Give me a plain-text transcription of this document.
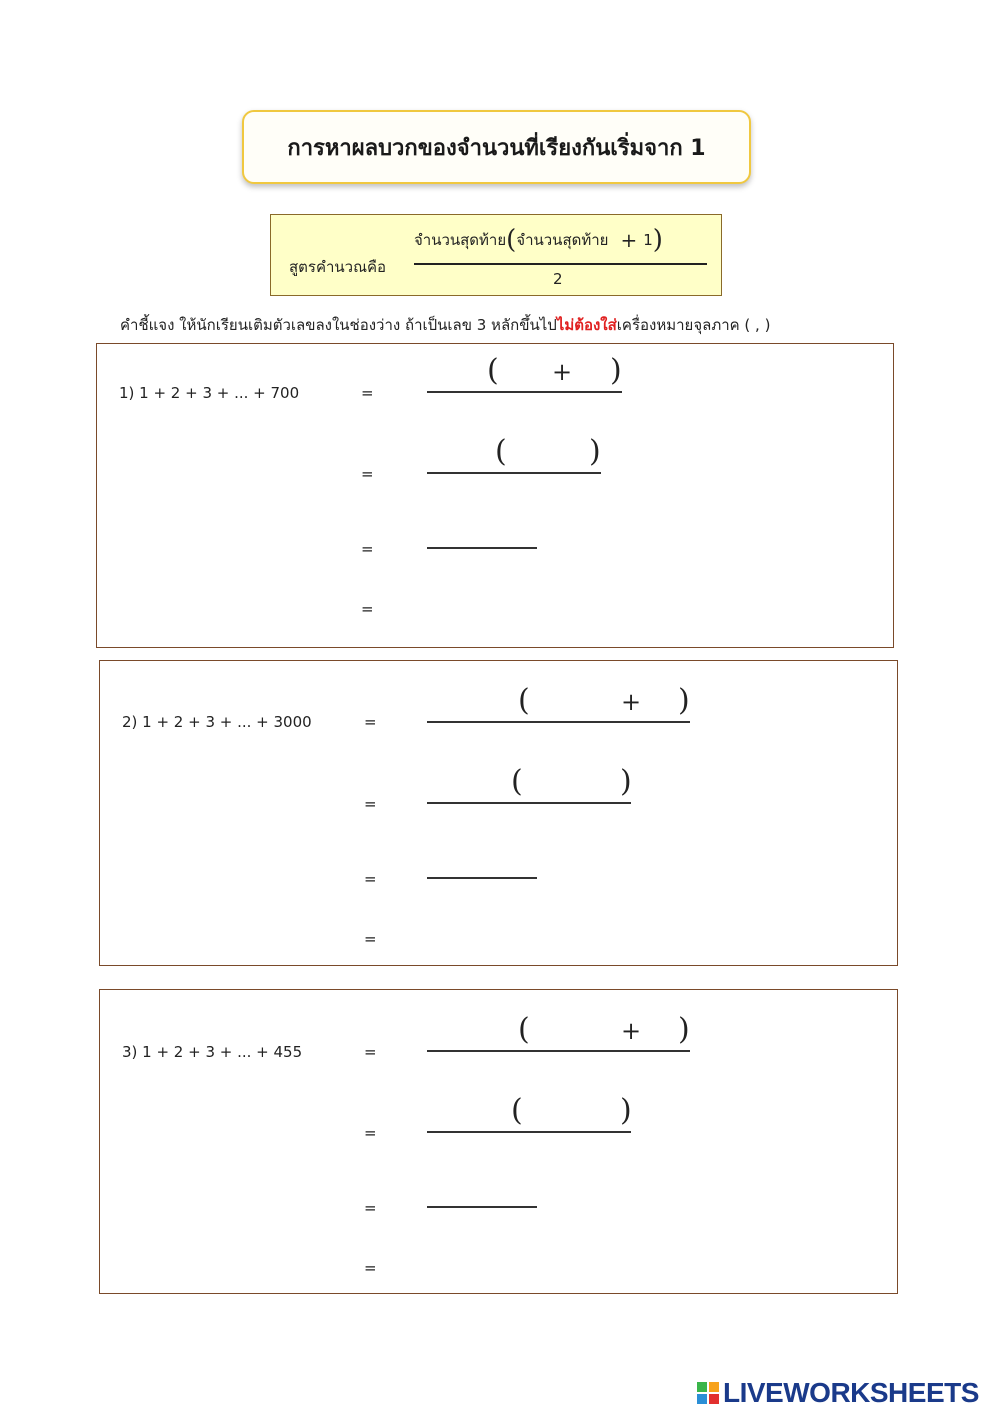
การหาผลบวกของจำนวนที่เรียงกันเริ่มจาก 1
สูตรคำนวณคือ
จำนวนสุดท้าย ( จำนวนสุดท้าย + 1 )
2
คำชี้แจง ให้นักเรียนเติมตัวเลขลงในช่องว่าง ถ้าเป็นเลข 3 หลักขึ้นไปไม่ต้องใส่เครื่องหมายจุลภาค ( , )
1) 1 + 2 + 3 + ... + 700	=
( + )
=
(	)
=
=
2) 1 + 2 + 3 + ... + 3000	=
(	+ )
=
(	)
=
=
3) 1 + 2 + 3 + ... + 455	=
(	+ )
=
(	)
=
=
LIVEWORKSHEETS
